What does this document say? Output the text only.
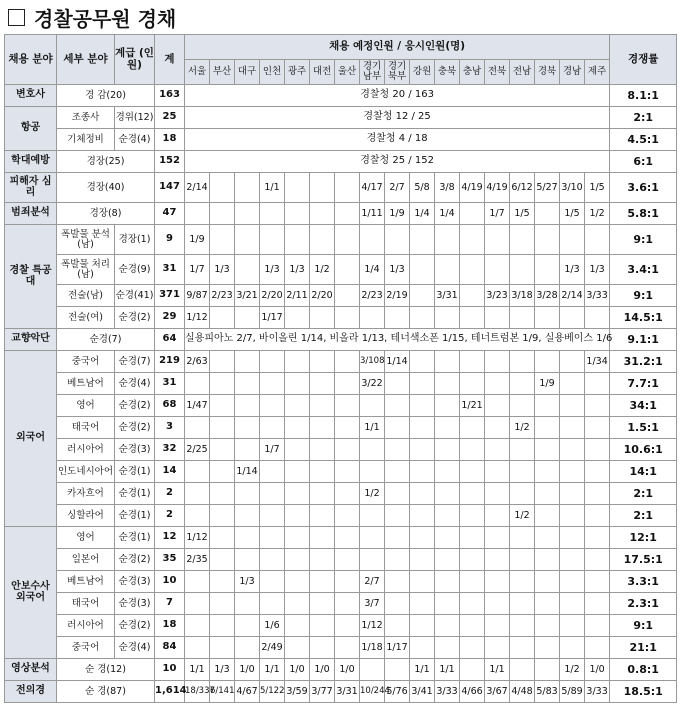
경찰공무원 경채
채용 분야	세부 분야	계급 (인원)	계	채용 예정인원 / 응시인원(명)																	경쟁률
				서울	부산	대구	인천	광주	대전	울산	경기남부	경기북부	강원	충북	충남	전북	전남	경북	경남	제주	
변호사	경 감(20)		163	경찰청 20 / 163																	8.1:1
항공	조종사	경위(12)	25	경찰청 12 / 25																	2:1
	기체정비	순경(4)	18	경찰청 4 / 18																	4.5:1
학대예방	경장(25)		152	경찰청 25 / 152																	6:1
피해자 심리	경장(40)		147	2/14			1/1				4/17	2/7	5/8	3/8	4/19	4/19	6/12	5/27	3/10	1/5	3.6:1
범죄분석	경장(8)		47								1/11	1/9	1/4	1/4		1/7	1/5		1/5	1/2	5.8:1
경찰 특공대	폭발물 분석(남)	경장(1)	9	1/9																	9:1
	폭발물 처리(남)	순경(9)	31	1/7	1/3		1/3	1/3	1/2		1/4	1/3							1/3	1/3	3.4:1
	전술(남)	순경(41)	371	9/87	2/23	3/21	2/20	2/11	2/20		2/23	2/19		3/31		3/23	3/18	3/28	2/14	3/33	9:1
	전술(여)	순경(2)	29	1/12			1/17														14.5:1
교향악단	순경(7)		64	실용피아노 2/7, 바이올린 1/14, 비올라 1/13, 테너색소폰 1/15, 테너트럼본 1/9, 실용베이스 1/6																	9.1:1
외국어	중국어	순경(7)	219	2/63							3/108	1/14								1/34	31.2:1
	베트남어	순경(4)	31								3/22							1/9			7.7:1
	영어	순경(2)	68	1/47											1/21						34:1
	태국어	순경(2)	3								1/1						1/2				1.5:1
	러시아어	순경(3)	32	2/25			1/7														10.6:1
	인도네시아어	순경(1)	14			1/14															14:1
	카자흐어	순경(1)	2								1/2										2:1
	싱할라어	순경(1)	2														1/2				2:1
안보수사 외국어	영어	순경(1)	12	1/12																	12:1
	일본어	순경(2)	35	2/35																	17.5:1
	베트남어	순경(3)	10			1/3					2/7										3.3:1
	태국어	순경(3)	7								3/7										2.3:1
	러시아어	순경(2)	18				1/6				1/12										9:1
	중국어	순경(4)	84				2/49				1/18	1/17									21:1
영상분석	순 경(12)		10	1/1	1/3	1/0	1/1	1/0	1/0	1/0			1/1	1/1		1/1			1/2	1/0	0.8:1
전의경	순 경(87)		1,614	18/337	6/141	4/67	5/122	3/59	3/77	3/31	10/244	5/76	3/41	3/33	4/66	3/67	4/48	5/83	5/89	3/33	18.5:1
